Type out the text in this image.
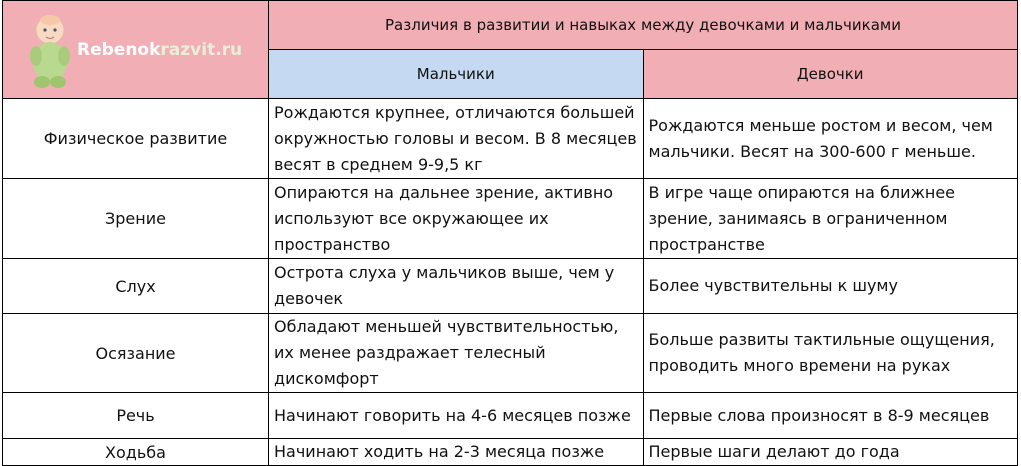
Rebenokrazvit.ru	Различия в развитии и навыках между девочками и мальчиками	
	Мальчики	Девочки
Физическое развитие	Рождаются крупнее, отличаются большей окружностью головы и весом. В 8 месяцев весят в среднем 9-9,5 кг	Рождаются меньше ростом и весом, чем мальчики. Весят на 300-600 г меньше.
Зрение	Опираются на дальнее зрение, активно используют все окружающее их пространство	В игре чаще опираются на ближнее зрение, занимаясь в ограниченном пространстве
Слух	Острота слуха у мальчиков выше, чем у девочек	Более чувствительны к шуму
Осязание	Обладают меньшей чувствительностью, их менее раздражает телесный дискомфорт	Больше развиты тактильные ощущения, проводить много времени на руках
Речь	Начинают говорить на 4-6 месяцев позже	Первые слова произносят в 8-9 месяцев
Ходьба	Начинают ходить на 2-3 месяца позже	Первые шаги делают до года
